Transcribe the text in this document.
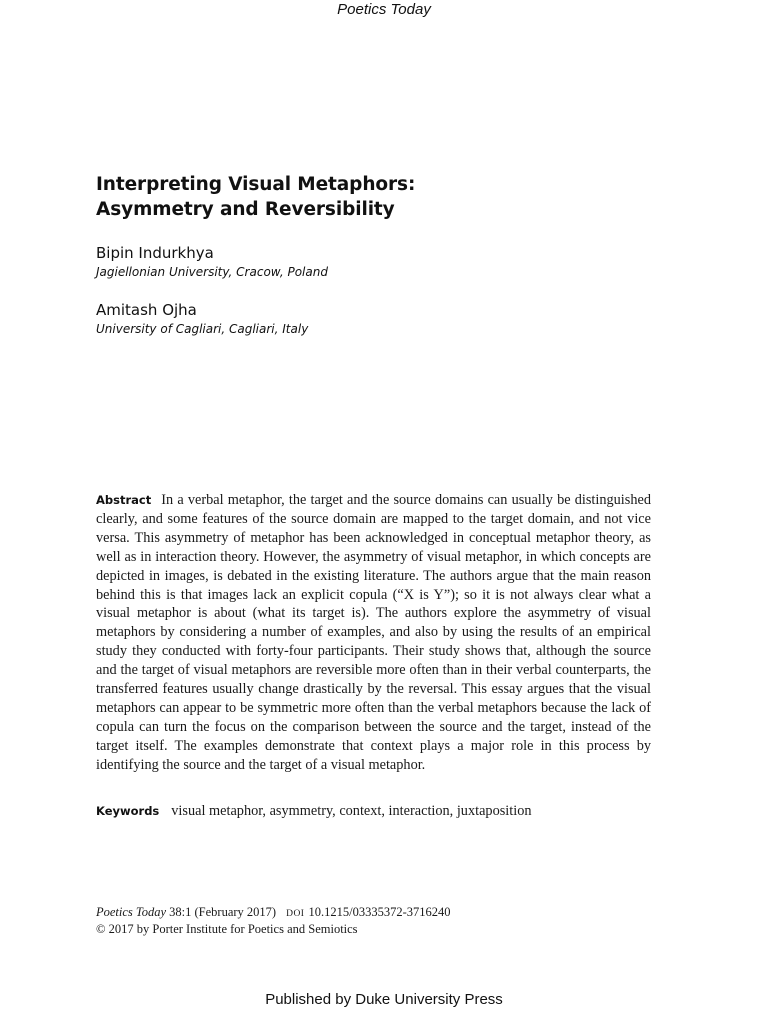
Poetics Today
Interpreting Visual Metaphors:
Asymmetry and Reversibility
Bipin Indurkhya
Jagiellonian University, Cracow, Poland
Amitash Ojha
University of Cagliari, Cagliari, Italy

Abstract In a verbal metaphor, the target and the source domains can usually be distinguished clearly, and some features of the source domain are mapped to the target domain, and not vice versa. This asymmetry of metaphor has been acknowledged in conceptual metaphor theory, as well as in interaction theory. However, the asymmetry of visual metaphor, in which concepts are depicted in images, is debated in the existing literature. The authors argue that the main reason behind this is that images lack an explicit copula (“X is Y”); so it is not always clear what a visual metaphor is about (what its target is). The authors explore the asymmetry of visual metaphors by considering a number of examples, and also by using the results of an empirical study they conducted with forty-four participants. Their study shows that, although the source and the target of visual metaphors are reversible more often than in their verbal counterparts, the transferred features usually change drastically by the reversal. This essay argues that the visual metaphors can appear to be symmetric more often than the verbal metaphors because the lack of copula can turn the focus on the comparison between the source and the target, instead of the target itself. The examples demonstrate that context plays a major role in this process by identifying the source and the target of a visual metaphor.

Keywords visual metaphor, asymmetry, context, interaction, juxtaposition

Poetics Today 38:1 (February 2017) DOI 10.1215/03335372-3716240
© 2017 by Porter Institute for Poetics and Semiotics
Published by Duke University Press
